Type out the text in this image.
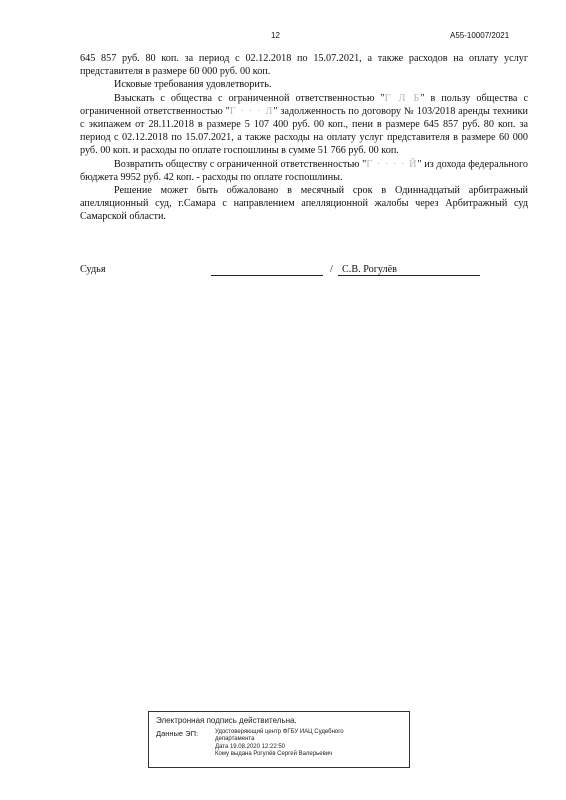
12	А55-10007/2021

645 857 руб. 80 коп. за период с 02.12.2018 по 15.07.2021, а также расходов на оплату услуг представителя в размере 60 000 руб. 00 коп.

Исковые требования удовлетворить.

Взыскать с общества с ограниченной ответственностью "Г Л Б" в пользу общества с ограниченной ответственностью "Г · · · Л" задолженность по договору № 103/2018 аренды техники с экипажем от 28.11.2018 в размере 5 107 400 руб. 00 коп., пени в размере 645 857 руб. 80 коп. за период с 02.12.2018 по 15.07.2021, а также расходы на оплату услуг представителя в размере 60 000 руб. 00 коп. и расходы по оплате госпошлины в сумме 51 766 руб. 00 коп.

Возвратить обществу с ограниченной ответственностью "Г · · · · Й" из дохода федерального бюджета 9952 руб. 42 коп. - расходы по оплате госпошлины.

Решение может быть обжаловано в месячный срок в Одиннадцатый арбитражный апелляционный суд, г.Самара с направлением апелляционной жалобы через Арбитражный суд Самарской области.

Судья	/ С.В. Рогулёв
Электронная подпись действительна.
Данные ЭП:	Удостоверяющий центр ФГБУ ИАЦ Судебного
департамента
Дата 19.08.2020 12:22:50
Кому выдана Рогулёв Сергей Валерьевич
